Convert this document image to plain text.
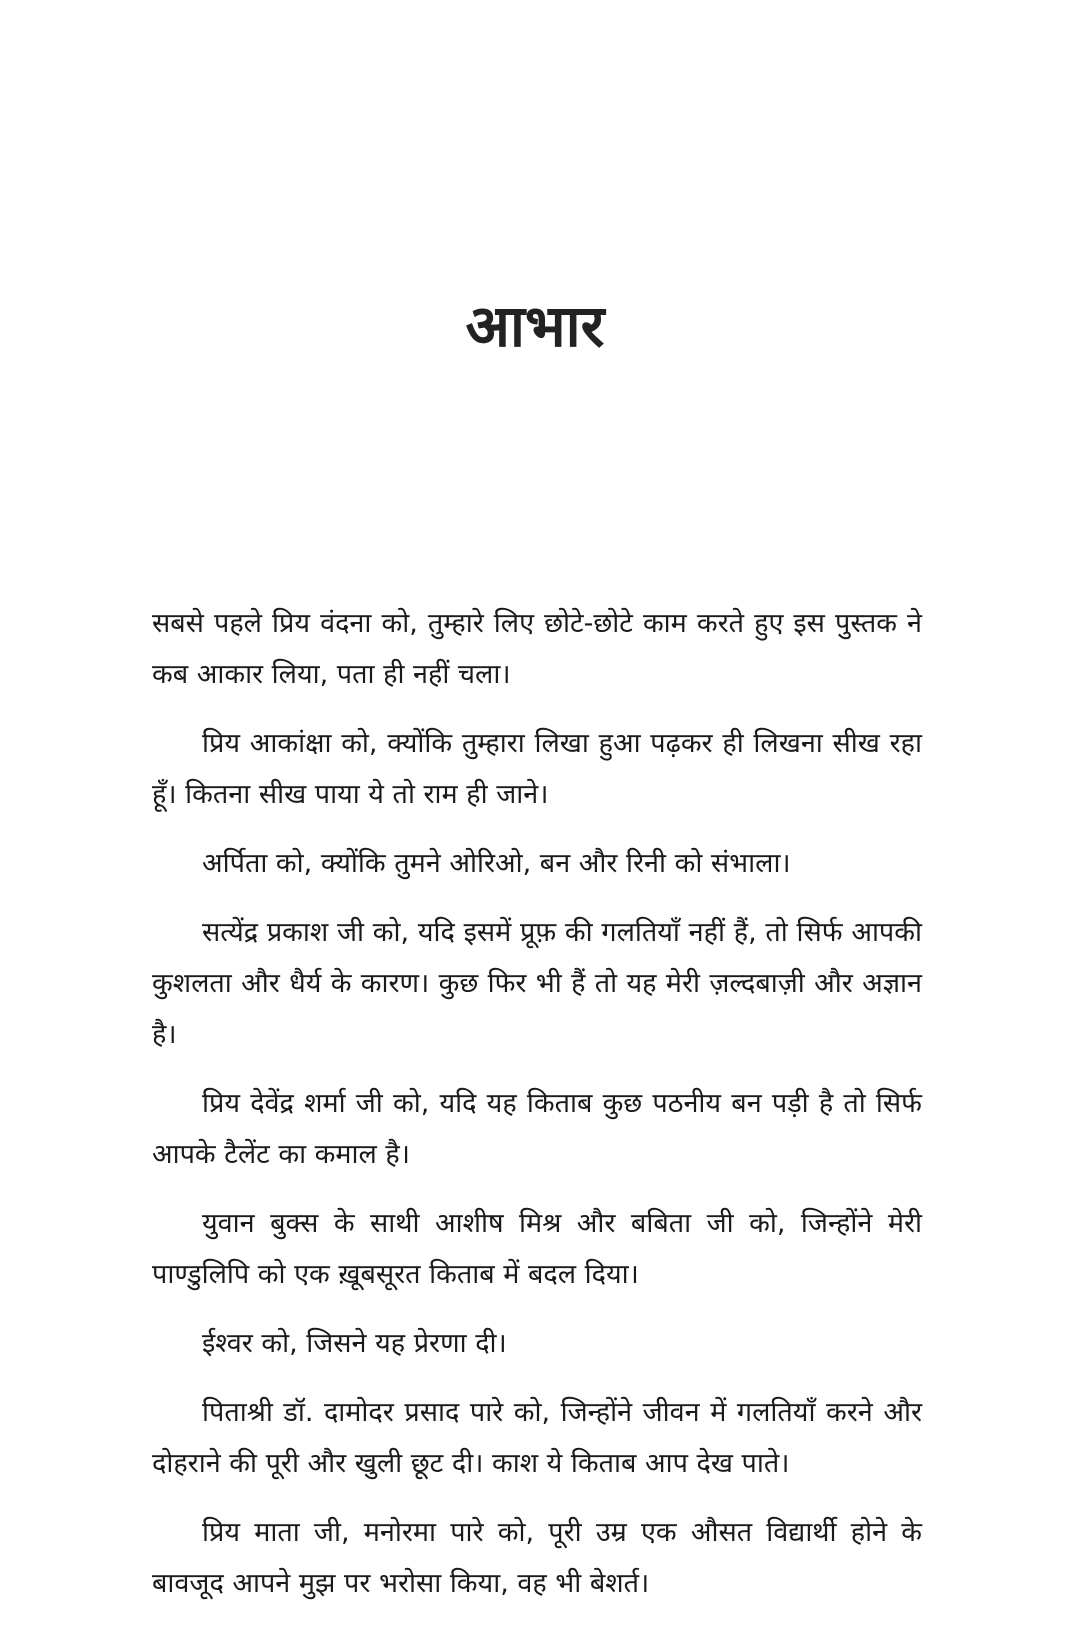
आभार

सबसे पहले प्रिय वंदना को, तुम्हारे लिए छोटे-छोटे काम करते हुए इस पुस्तक ने कब आकार लिया, पता ही नहीं चला।

प्रिय आकांक्षा को, क्योंकि तुम्हारा लिखा हुआ पढ़कर ही लिखना सीख रहा हूँ। कितना सीख पाया ये तो राम ही जाने।

अर्पिता को, क्योंकि तुमने ओरिओ, बन और रिनी को संभाला।

सत्येंद्र प्रकाश जी को, यदि इसमें प्रूफ़ की गलतियाँ नहीं हैं, तो सिर्फ आपकी कुशलता और धैर्य के कारण। कुछ फिर भी हैं तो यह मेरी ज़ल्दबाज़ी और अज्ञान है।

प्रिय देवेंद्र शर्मा जी को, यदि यह किताब कुछ पठनीय बन पड़ी है तो सिर्फ आपके टैलेंट का कमाल है।

युवान बुक्स के साथी आशीष मिश्र और बबिता जी को, जिन्होंने मेरी पाण्डुलिपि को एक ख़ूबसूरत किताब में बदल दिया।

ईश्वर को, जिसने यह प्रेरणा दी।

पिताश्री डॉ. दामोदर प्रसाद पारे को, जिन्होंने जीवन में गलतियाँ करने और दोहराने की पूरी और खुली छूट दी। काश ये किताब आप देख पाते।

प्रिय माता जी, मनोरमा पारे को, पूरी उम्र एक औसत विद्यार्थी होने के बावजूद आपने मुझ पर भरोसा किया, वह भी बेशर्त।
